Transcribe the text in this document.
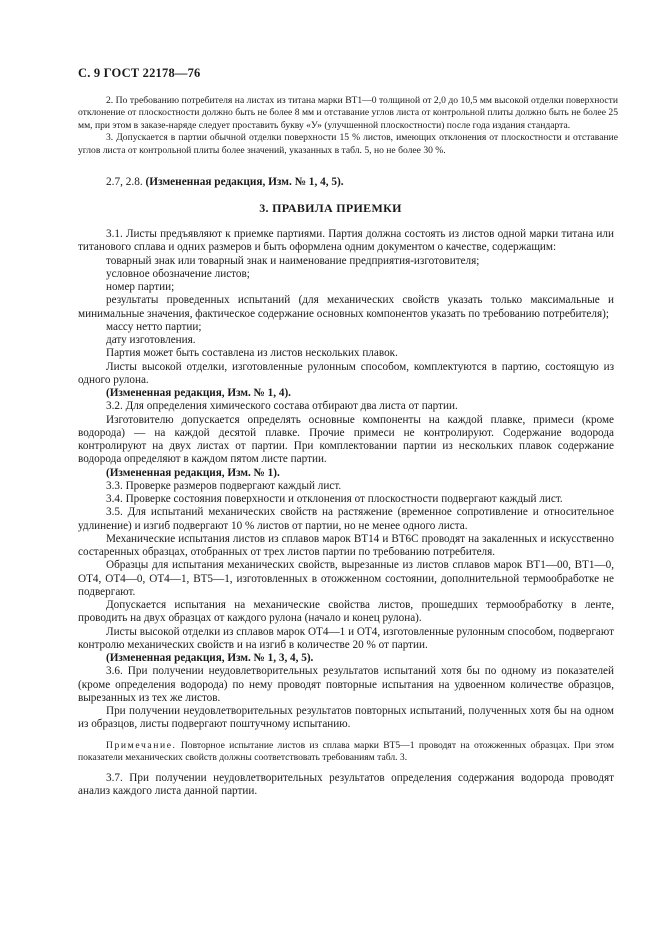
С. 9 ГОСТ 22178—76

2. По требованию потребителя на листах из титана марки ВТ1—0 толщиной от 2,0 до 10,5 мм высокой отделки поверхности отклонение от плоскостности должно быть не более 8 мм и отставание углов листа от контрольной плиты должно быть не более 25 мм, при этом в заказе-наряде следует проставить букву «У» (улучшенной плоскостности) после года издания стандарта.

3. Допускается в партии обычной отделки поверхности 15 % листов, имеющих отклонения от плоскостности и отставание углов листа от контрольной плиты более значений, указанных в табл. 5, но не более 30 %.

2.7, 2.8. (Измененная редакция, Изм. № 1, 4, 5).
3. ПРАВИЛА ПРИЕМКИ

3.1. Листы предъявляют к приемке партиями. Партия должна состоять из листов одной марки титана или титанового сплава и одних размеров и быть оформлена одним документом о качестве, содержащим:

товарный знак или товарный знак и наименование предприятия-изготовителя;

условное обозначение листов;

номер партии;

результаты проведенных испытаний (для механических свойств указать только максимальные и минимальные значения, фактическое содержание основных компонентов указать по требованию потребителя);

массу нетто партии;

дату изготовления.

Партия может быть составлена из листов нескольких плавок.

Листы высокой отделки, изготовленные рулонным способом, комплектуются в партию, состоящую из одного рулона.

(Измененная редакция, Изм. № 1, 4).

3.2. Для определения химического состава отбирают два листа от партии.

Изготовителю допускается определять основные компоненты на каждой плавке, примеси (кроме водорода) — на каждой десятой плавке. Прочие примеси не контролируют. Содержание водорода контролируют на двух листах от партии. При комплектовании партии из нескольких плавок содержание водорода определяют в каждом пятом листе партии.

(Измененная редакция, Изм. № 1).

3.3. Проверке размеров подвергают каждый лист.

3.4. Проверке состояния поверхности и отклонения от плоскостности подвергают каждый лист.

3.5. Для испытаний механических свойств на растяжение (временное сопротивление и относительное удлинение) и изгиб подвергают 10 % листов от партии, но не менее одного листа.

Механические испытания листов из сплавов марок ВТ14 и ВТ6С проводят на закаленных и искусственно состаренных образцах, отобранных от трех листов партии по требованию потребителя.

Образцы для испытания механических свойств, вырезанные из листов сплавов марок ВТ1—00, ВТ1—0, ОТ4, ОТ4—0, ОТ4—1, ВТ5—1, изготовленных в отожженном состоянии, дополнительной термообработке не подвергают.

Допускается испытания на механические свойства листов, прошедших термообработку в ленте, проводить на двух образцах от каждого рулона (начало и конец рулона).

Листы высокой отделки из сплавов марок ОТ4—1 и ОТ4, изготовленные рулонным способом, подвергают контролю механических свойств и на изгиб в количестве 20 % от партии.

(Измененная редакция, Изм. № 1, 3, 4, 5).

3.6. При получении неудовлетворительных результатов испытаний хотя бы по одному из показателей (кроме определения водорода) по нему проводят повторные испытания на удвоенном количестве образцов, вырезанных из тех же листов.

При получении неудовлетворительных результатов повторных испытаний, полученных хотя бы на одном из образцов, листы подвергают поштучному испытанию.

Примечание. Повторное испытание листов из сплава марки ВТ5—1 проводят на отожженных образцах. При этом показатели механических свойств должны соответствовать требованиям табл. 3.

3.7. При получении неудовлетворительных результатов определения содержания водорода проводят анализ каждого листа данной партии.
